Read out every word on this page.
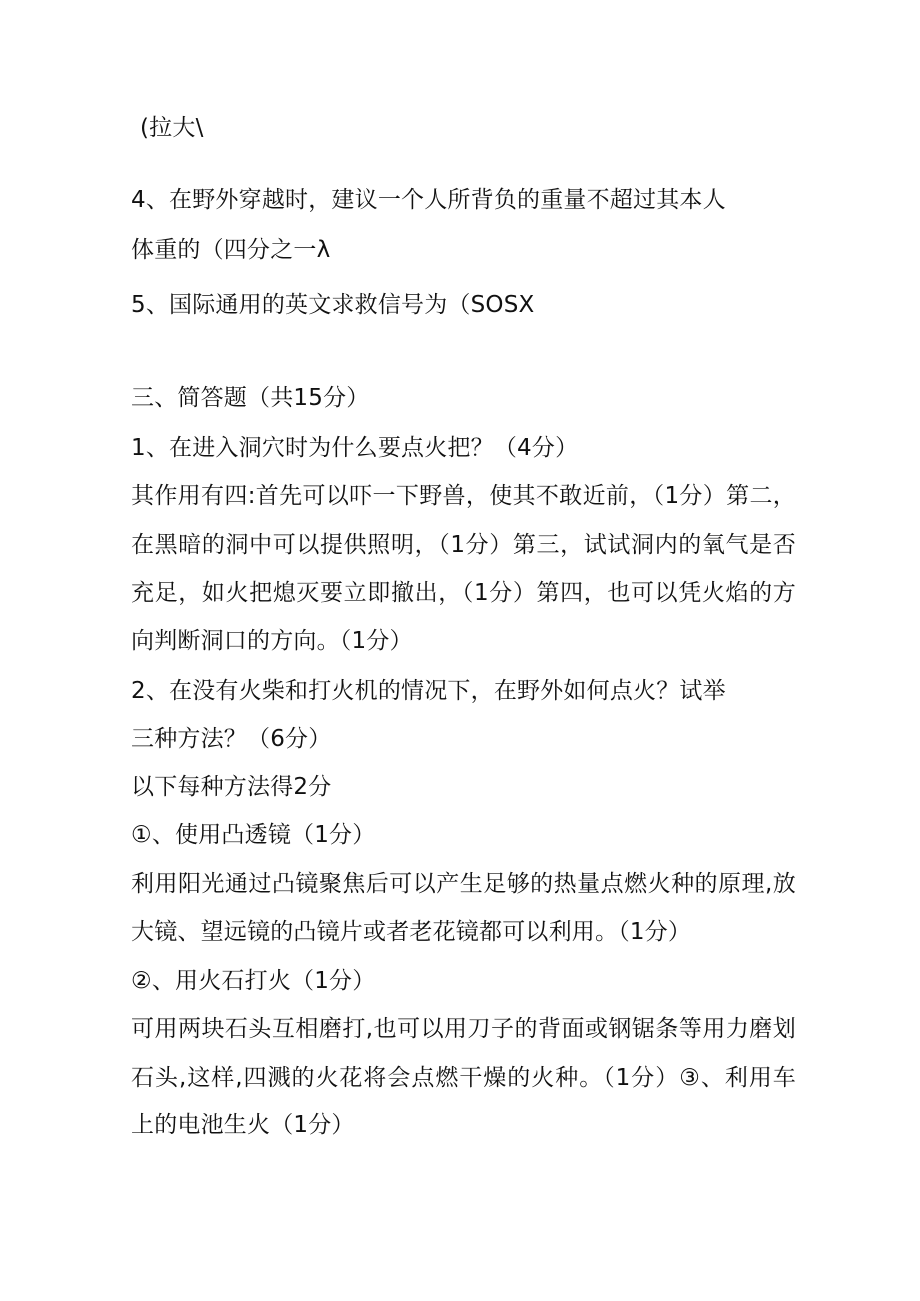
(拉大\
4、在野外穿越时，建议一个人所背负的重量不超过其本人
体重的（四分之一λ
5、国际通用的英文求救信号为（SOSX
三、简答题（共15分）
1、在进入洞穴时为什么要点火把？（4分）
其作用有四:首先可以吓一下野兽，使其不敢近前，（1分）第二，
在黑暗的洞中可以提供照明，（1分）第三，试试洞内的氧气是否
充足，如火把熄灭要立即撤出，（1分）第四，也可以凭火焰的方
向判断洞口的方向。（1分）
2、在没有火柴和打火机的情况下，在野外如何点火？试举
三种方法？（6分）
以下每种方法得2分
①、使用凸透镜（1分）
利用阳光通过凸镜聚焦后可以产生足够的热量点燃火种的原理,放
大镜、望远镜的凸镜片或者老花镜都可以利用。（1分）
②、用火石打火（1分）
可用两块石头互相磨打,也可以用刀子的背面或钢锯条等用力磨划
石头,这样,四溅的火花将会点燃干燥的火种。（1分）③、利用车
上的电池生火（1分）
